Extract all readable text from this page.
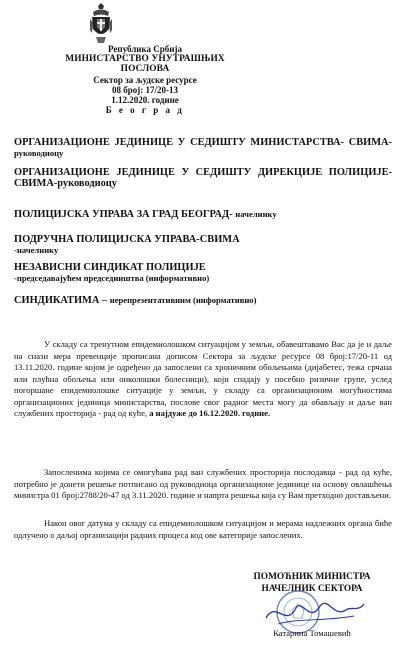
Република Србија
МИНИСТАРСТВО УНУТРАШЊИХ ПОСЛОВА
Сектор за људске ресурсе
08 број: 17/20-13
1.12.2020. године
Б е о г р а д
ОРГАНИЗАЦИОНЕ ЈЕДИНИЦЕ У СЕДИШТУ МИНИСТАРСТВА- СВИМА-
руководиоцу
ОРГАНИЗАЦИОНЕ ЈЕДИНИЦЕ У СЕДИШТУ ДИРЕКЦИЈЕ ПОЛИЦИЈЕ-
СВИМА-руководиоцу
ПОЛИЦИЈСКА УПРАВА ЗА ГРАД БЕОГРАД- начелнику
ПОДРУЧНА ПОЛИЦИЈСКА УПРАВА-СВИМА
-начелнику
НЕЗАВИСНИ СИНДИКАТ ПОЛИЦИЈЕ
-председавајућем председништва (информативно)
СИНДИКАТИМА – нерепрезентативним (информативно)
У складу са тренутном епидемиолошком ситуацијом у земљи, обавештавамо Вас да је и даље на снази мера превенције прописана дописом Сектора за људске ресурсе 08 број:17/20-11 од 13.11.2020. године којом је одређено да запослени са хроничним обољењима (дијабетес, тежа срчана или плућна обољења или онколошки болесници), који спадају у посебно ризичне групе, услед погоршане епидемиолошке ситуације у земљи, у складу са организационим могућностима организационих јединица министарства, послове свог радног места могу да обављају и даље ван службених просторија - рад од куће, а најдуже до 16.12.2020. године.
Запосленима којима се омогућава рад ван службених просторија послодавца - рад од куће, потребно је донети решење потписано од руководиоца организационе јединице на основу овлашћења министра 01 број:2788/20-47 од 3.11.2020. године и напрта решења која су Вам претходно достављени.
Након овог датума у складу са епидемиолошком ситуацијом и мерама надлежних органа биће одлучено о даљој организацији радних процеса код ове категорије запослених.
ПОМОЋНИК МИНИСТРА
НАЧЕЛНИК СЕКТОРА
Катарина Томашевић
